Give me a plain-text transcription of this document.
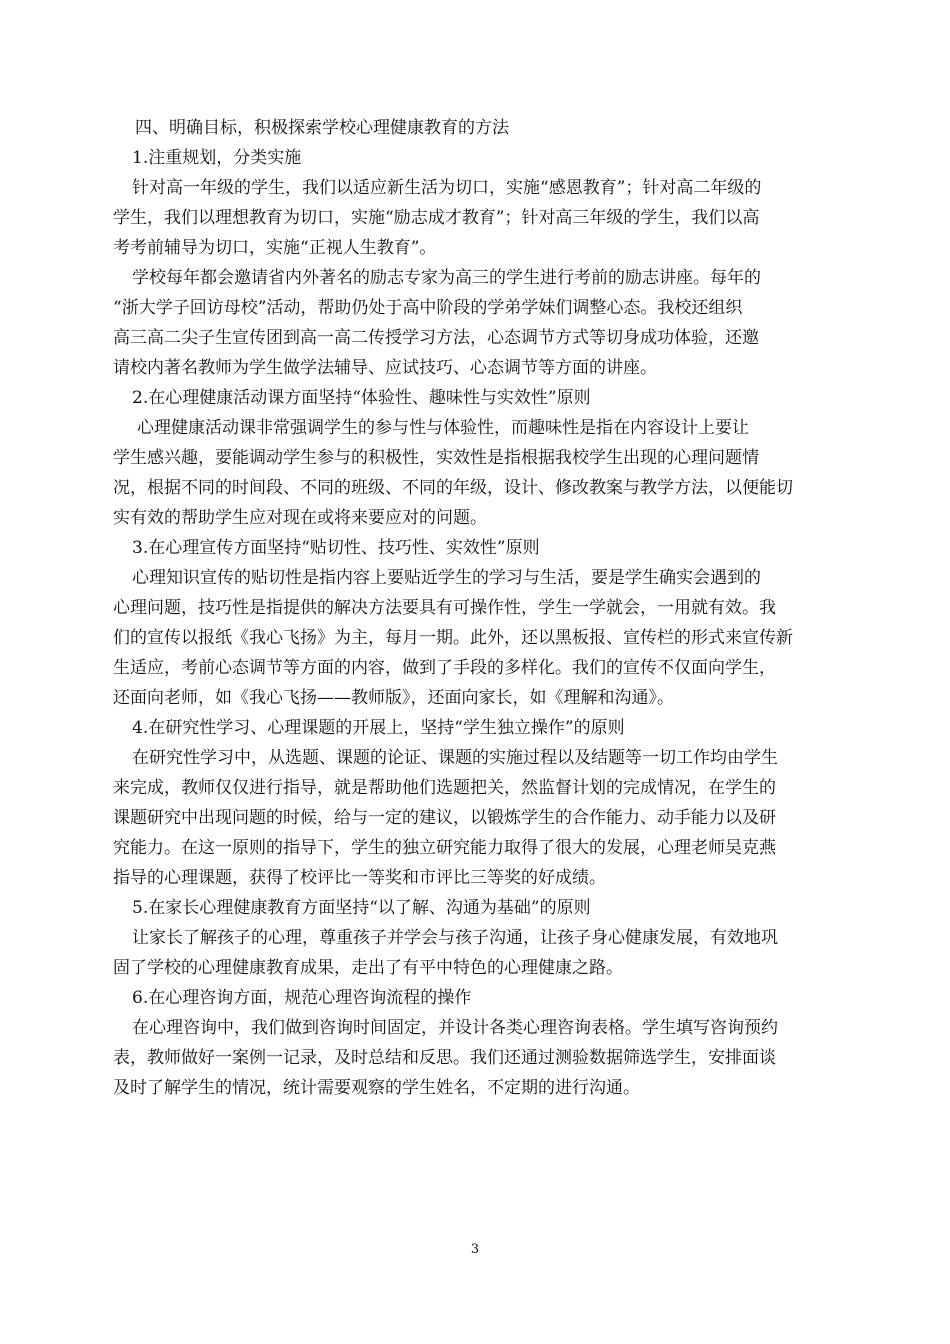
四、明确目标，积极探索学校心理健康教育的方法

1.注重规划，分类实施

针对高一年级的学生，我们以适应新生活为切口，实施“感恩教育”；针对高二年级的

学生，我们以理想教育为切口，实施“励志成才教育”；针对高三年级的学生，我们以高

考考前辅导为切口，实施“正视人生教育”。

学校每年都会邀请省内外著名的励志专家为高三的学生进行考前的励志讲座。每年的

“浙大学子回访母校”活动，帮助仍处于高中阶段的学弟学妹们调整心态。我校还组织

高三高二尖子生宣传团到高一高二传授学习方法，心态调节方式等切身成功体验，还邀

请校内著名教师为学生做学法辅导、应试技巧、心态调节等方面的讲座。

2.在心理健康活动课方面坚持“体验性、趣味性与实效性”原则

心理健康活动课非常强调学生的参与性与体验性，而趣味性是指在内容设计上要让

学生感兴趣，要能调动学生参与的积极性，实效性是指根据我校学生出现的心理问题情

况，根据不同的时间段、不同的班级、不同的年级，设计、修改教案与教学方法，以便能切

实有效的帮助学生应对现在或将来要应对的问题。

3.在心理宣传方面坚持“贴切性、技巧性、实效性”原则

心理知识宣传的贴切性是指内容上要贴近学生的学习与生活，要是学生确实会遇到的

心理问题，技巧性是指提供的解决方法要具有可操作性，学生一学就会，一用就有效。我

们的宣传以报纸《我心飞扬》为主，每月一期。此外，还以黑板报、宣传栏的形式来宣传新

生适应，考前心态调节等方面的内容，做到了手段的多样化。我们的宣传不仅面向学生，

还面向老师，如《我心飞扬——教师版》，还面向家长，如《理解和沟通》。

4.在研究性学习、心理课题的开展上，坚持“学生独立操作”的原则

在研究性学习中，从选题、课题的论证、课题的实施过程以及结题等一切工作均由学生

来完成，教师仅仅进行指导，就是帮助他们选题把关，然监督计划的完成情况，在学生的

课题研究中出现问题的时候，给与一定的建议，以锻炼学生的合作能力、动手能力以及研

究能力。在这一原则的指导下，学生的独立研究能力取得了很大的发展，心理老师吴克燕

指导的心理课题，获得了校评比一等奖和市评比三等奖的好成绩。

5.在家长心理健康教育方面坚持“以了解、沟通为基础”的原则

让家长了解孩子的心理，尊重孩子并学会与孩子沟通，让孩子身心健康发展，有效地巩

固了学校的心理健康教育成果，走出了有平中特色的心理健康之路。

6.在心理咨询方面，规范心理咨询流程的操作

在心理咨询中，我们做到咨询时间固定，并设计各类心理咨询表格。学生填写咨询预约

表，教师做好一案例一记录，及时总结和反思。我们还通过测验数据筛选学生，安排面谈

及时了解学生的情况，统计需要观察的学生姓名，不定期的进行沟通。

3
